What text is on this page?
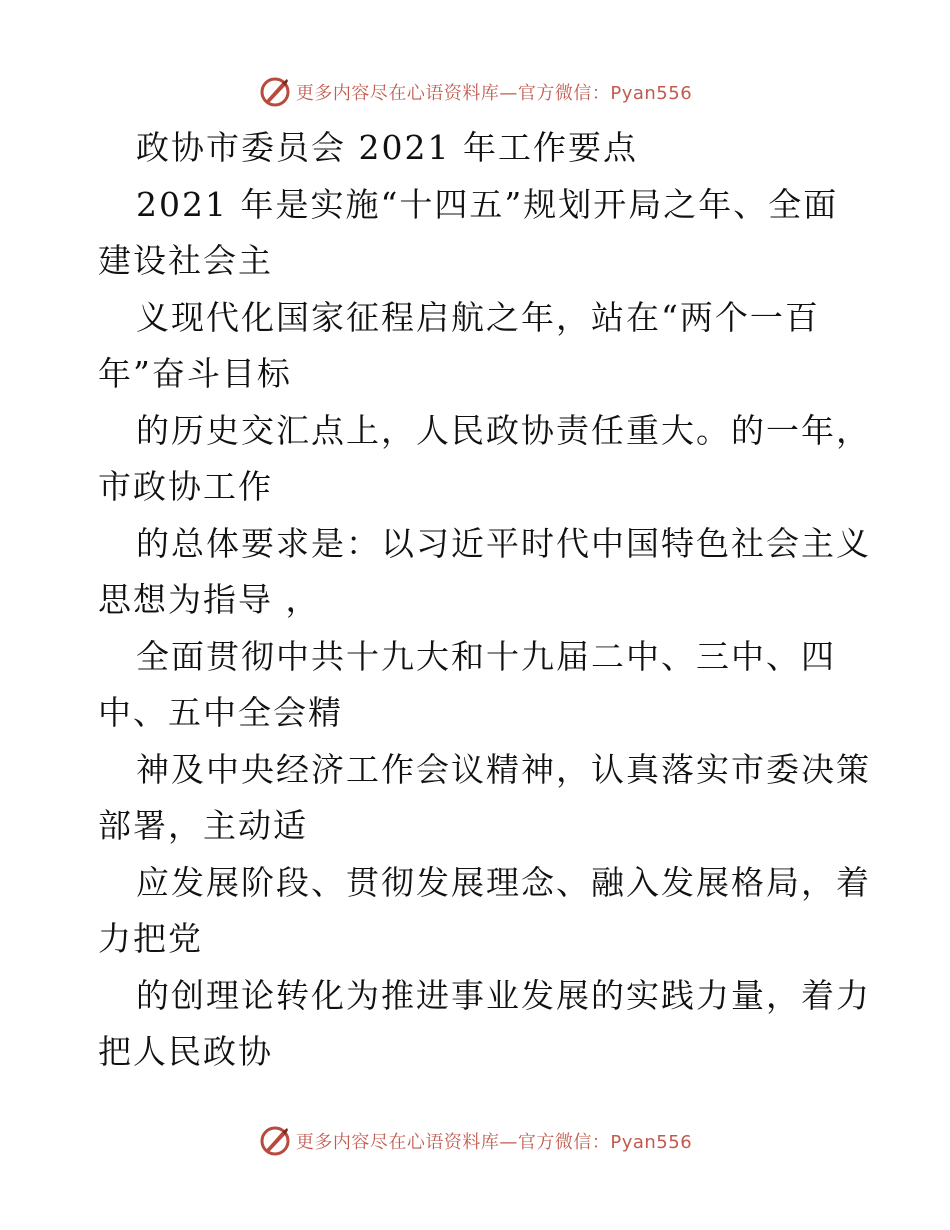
更多内容尽在心语资料库—官方微信：Pyan556
政协市委员会 2021 年工作要点
2021 年是实施“十四五”规划开局之年、全面
建设社会主
义现代化国家征程启航之年，站在“两个一百
年”奋斗目标
的历史交汇点上，人民政协责任重大。的一年，
市政协工作
的总体要求是：以习近平时代中国特色社会主义
思想为指导 ，
全面贯彻中共十九大和十九届二中、三中、四
中、五中全会精
神及中央经济工作会议精神，认真落实市委决策
部署，主动适
应发展阶段、贯彻发展理念、融入发展格局，着
力把党
的创理论转化为推进事业发展的实践力量，着力
把人民政协
更多内容尽在心语资料库—官方微信：Pyan556
